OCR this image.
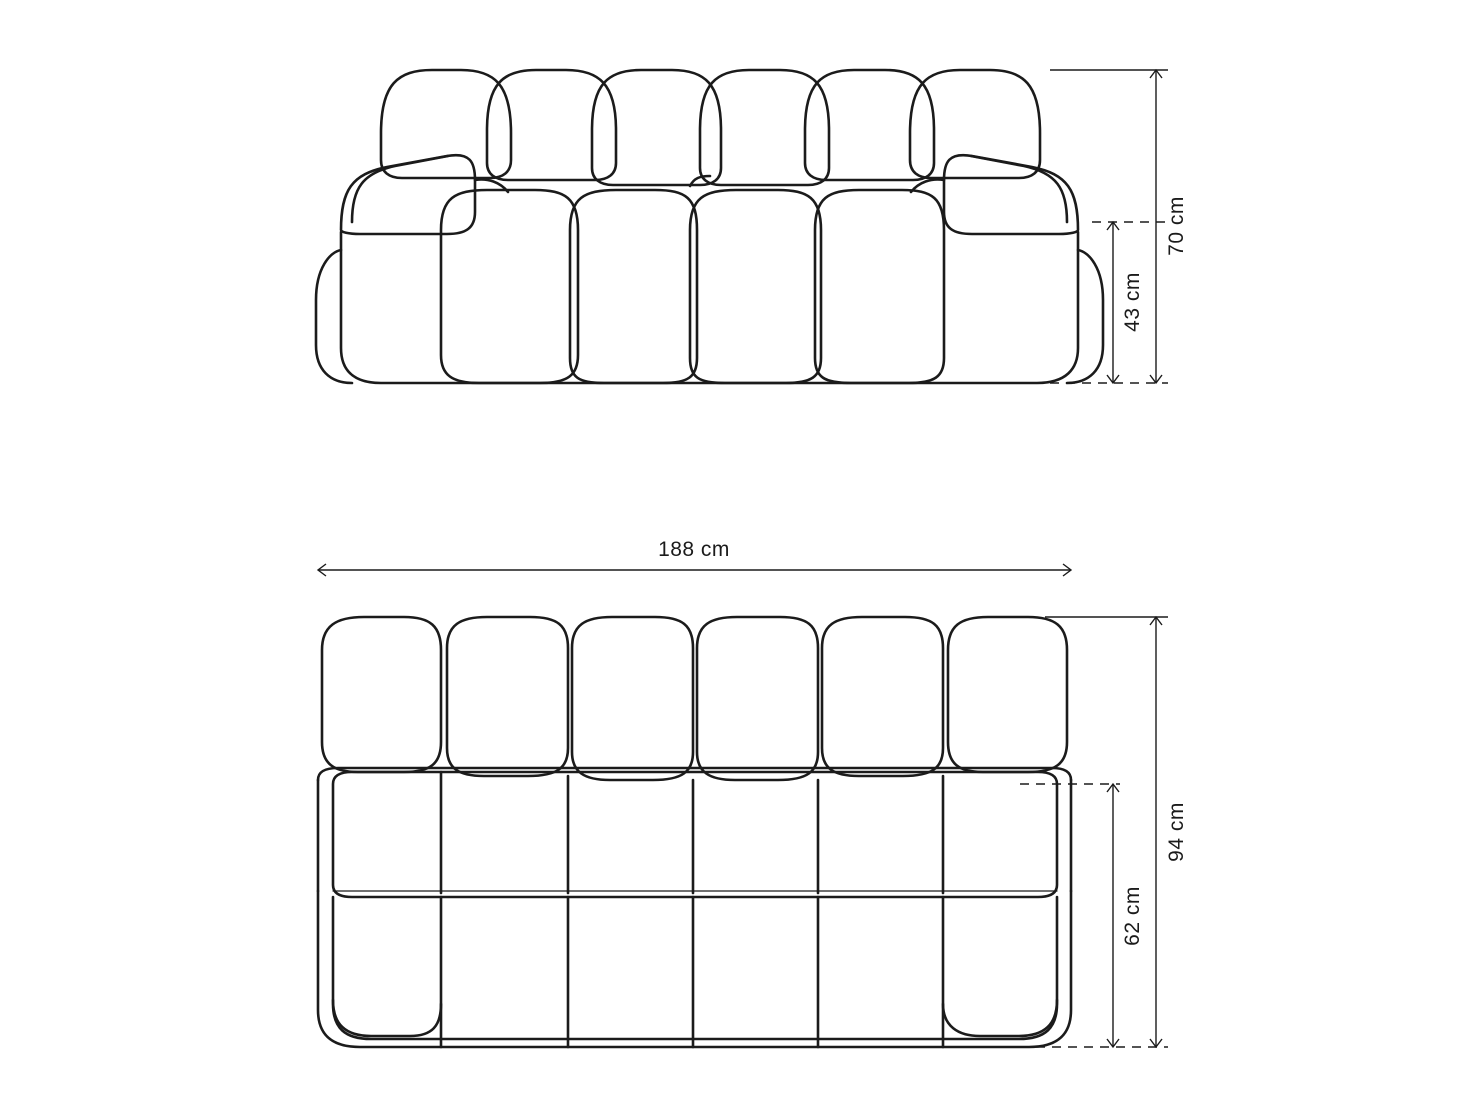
70 cm
43 cm
188 cm
94 cm
62 cm
